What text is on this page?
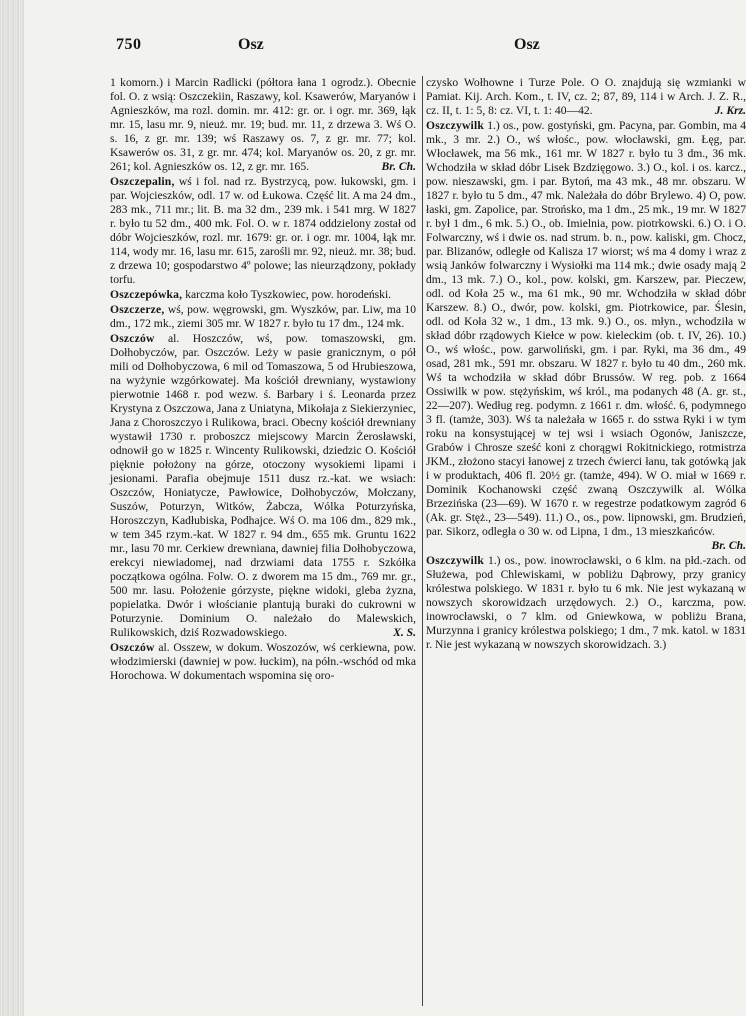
750	Osz	Osz

1 komorn.) i Marcin Radlicki (półtora łana 1 ogrodz.). Obecnie fol. O. z wsią: Oszczekiin, Raszawy, kol. Ksawerów, Maryanów i Agnieszków, ma rozl. domin. mr. 412: gr. or. i ogr. mr. 369, łąk mr. 15, lasu mr. 9, nieuż. mr. 19; bud. mr. 11, z drzewa 3. Wś O. s. 16, z gr. mr. 139; wś Raszawy os. 7, z gr. mr. 77; kol. Ksawerów os. 31, z gr. mr. 474; kol. Maryanów os. 20, z gr. mr. 261; kol. Agnieszków os. 12, z gr. mr. 165.	Br. Ch.

Oszczepalin, wś i fol. nad rz. Bystrzycą, pow. łukowski, gm. i par. Wojcieszków, odl. 17 w. od Łukowa. Część lit. A ma 24 dm., 283 mk., 711 mr.; lit. B. ma 32 dm., 239 mk. i 541 mrg. W 1827 r. było tu 52 dm., 400 mk. Fol. O. w r. 1874 oddzielony został od dóbr Wojcieszków, rozl. mr. 1679: gr. or. i ogr. mr. 1004, łąk mr. 114, wody mr. 16, lasu mr. 615, zarośli mr. 92, nieuż. mr. 38; bud. z drzewa 10; gospodarstwo 4º polowe; las nieurządzony, pokłady torfu.

Oszczepówka, karczma koło Tyszkowiec, pow. horodeński.

Oszczerze, wś, pow. węgrowski, gm. Wyszków, par. Liw, ma 10 dm., 172 mk., ziemi 305 mr. W 1827 r. było tu 17 dm., 124 mk.

Oszczów al. Hoszczów, wś, pow. tomaszowski, gm. Dołhobyczów, par. Oszczów. Leży w pasie granicznym, o pół mili od Dołhobyczowa, 6 mil od Tomaszowa, 5 od Hrubieszowa, na wyżynie wzgórkowatej. Ma kościół drewniany, wystawiony pierwotnie 1468 r. pod wezw. ś. Barbary i ś. Leonarda przez Krystyna z Oszczowa, Jana z Uniatyna, Mikołaja z Siekierzyniec, Jana z Choroszczyo i Rulikowa, braci. Obecny kościół drewniany wystawił 1730 r. proboszcz miejscowy Marcin Żerosławski, odnowił go w 1825 r. Wincenty Rulikowski, dziedzic O. Kościół pięknie położony na górze, otoczony wysokiemi lipami i jesionami. Parafia obejmuje 1511 dusz rz.-kat. we wsiach: Oszczów, Honiatycze, Pawłowice, Dołhobyczów, Mołczany, Suszów, Poturzyn, Witków, Żabcza, Wólka Poturzyńska, Horoszczyn, Kadłubiska, Podhajce. Wś O. ma 106 dm., 829 mk., w tem 345 rzym.-kat. W 1827 r. 94 dm., 655 mk. Gruntu 1622 mr., lasu 70 mr. Cerkiew drewniana, dawniej filia Dołhobyczowa, erekcyi niewiadomej, nad drzwiami data 1755 r. Szkółka początkowa ogólna. Folw. O. z dworem ma 15 dm., 769 mr. gr., 500 mr. lasu. Położenie górzyste, piękne widoki, gleba żyzna, popielatka. Dwór i włościanie plantują buraki do cukrowni w Poturzynie. Dominium O. należało do Malewskich, Rulikowskich, dziś Rozwadowskiego.	X. S.

Oszczów al. Osszew, w dokum. Woszozów, wś cerkiewna, pow. włodzimierski (dawniej w pow. łuckim), na półn.-wschód od mka Horochowa. W dokumentach wspomina się oro-

czysko Wołhowne i Turze Pole. O O. znajdują się wzmianki w Pamiat. Kij. Arch. Kom., t. IV, cz. 2; 87, 89, 114 i w Arch. J. Z. R., cz. II, t. 1: 5, 8: cz. VI, t. 1: 40—42.	J. Krz.

Oszczywilk 1.) os., pow. gostyński, gm. Pacyna, par. Gombin, ma 4 mk., 3 mr. 2.) O., wś włośc., pow. włocławski, gm. Łęg, par. Włocławek, ma 56 mk., 161 mr. W 1827 r. było tu 3 dm., 36 mk. Wchodziła w skład dóbr Lisek Bzdzięgowo. 3.) O., kol. i os. karcz., pow. nieszawski, gm. i par. Bytoń, ma 43 mk., 48 mr. obszaru. W 1827 r. było tu 5 dm., 47 mk. Należała do dóbr Brylewo. 4) O, pow. łaski, gm. Zapolice, par. Strońsko, ma 1 dm., 25 mk., 19 mr. W 1827 r. był 1 dm., 6 mk. 5.) O., ob. Imielnia, pow. piotrkowski. 6.) O. i O. Folwarczny, wś i dwie os. nad strum. b. n., pow. kaliski, gm. Chocz, par. Blizanów, odległe od Kalisza 17 wiorst; wś ma 4 domy i wraz z wsią Janków folwarczny i Wysiołki ma 114 mk.; dwie osady mają 2 dm., 13 mk. 7.) O., kol., pow. kolski, gm. Karszew, par. Pieczew, odl. od Koła 25 w., ma 61 mk., 90 mr. Wchodziła w skład dóbr Karszew. 8.) O., dwór, pow. kolski, gm. Piotrkowice, par. Ślesin, odl. od Koła 32 w., 1 dm., 13 mk. 9.) O., os. młyn., wchodziła w skład dóbr rządowych Kiełce w pow. kieleckim (ob. t. IV, 26). 10.) O., wś włośc., pow. garwoliński, gm. i par. Ryki, ma 36 dm., 49 osad, 281 mk., 591 mr. obszaru. W 1827 r. było tu 40 dm., 260 mk. Wś ta wchodziła w skład dóbr Brussów. W reg. pob. z 1664 Ossiwilk w pow. stężyńskim, wś król., ma podanych 48 (A. gr. st., 22—207). Według reg. podymn. z 1661 r. dm. włość. 6, podymnego 3 fl. (tamże, 303). Wś ta należała w 1665 r. do sstwa Ryki i w tym roku na konsystującej w tej wsi i wsiach Ogonów, Janiszcze, Grabów i Chrosze sześć koni z chorągwi Rokitnickiego, rotmistrza JKM., złożono stacyi łanowej z trzech ćwierci łanu, tak gotówką jak i w produktach, 406 fl. 20½ gr. (tamże, 494). W O. miał w 1669 r. Dominik Kochanowski część zwaną Oszczywilk al. Wólka Brzezińska (23—69). W 1670 r. w regestrze podatkowym zagród 6 (Ak. gr. Stęż., 23—549). 11.) O., os., pow. lipnowski, gm. Brudzień, par. Sikorz, odległa o 30 w. od Lipna, 1 dm., 13 mieszkańców.
Br. Ch.

Oszczywilk 1.) os., pow. inowrocławski, o 6 klm. na płd.-zach. od Służewa, pod Chlewiskami, w pobliżu Dąbrowy, przy granicy królestwa polskiego. W 1831 r. było tu 6 mk. Nie jest wykazaną w nowszych skorowidzach urzędowych. 2.) O., karczma, pow. inowrocławski, o 7 klm. od Gniewkowa, w pobliżu Brana, Murzynna i granicy królestwa polskiego; 1 dm., 7 mk. katol. w 1831 r. Nie jest wykazaną w nowszych skorowidzach. 3.)
